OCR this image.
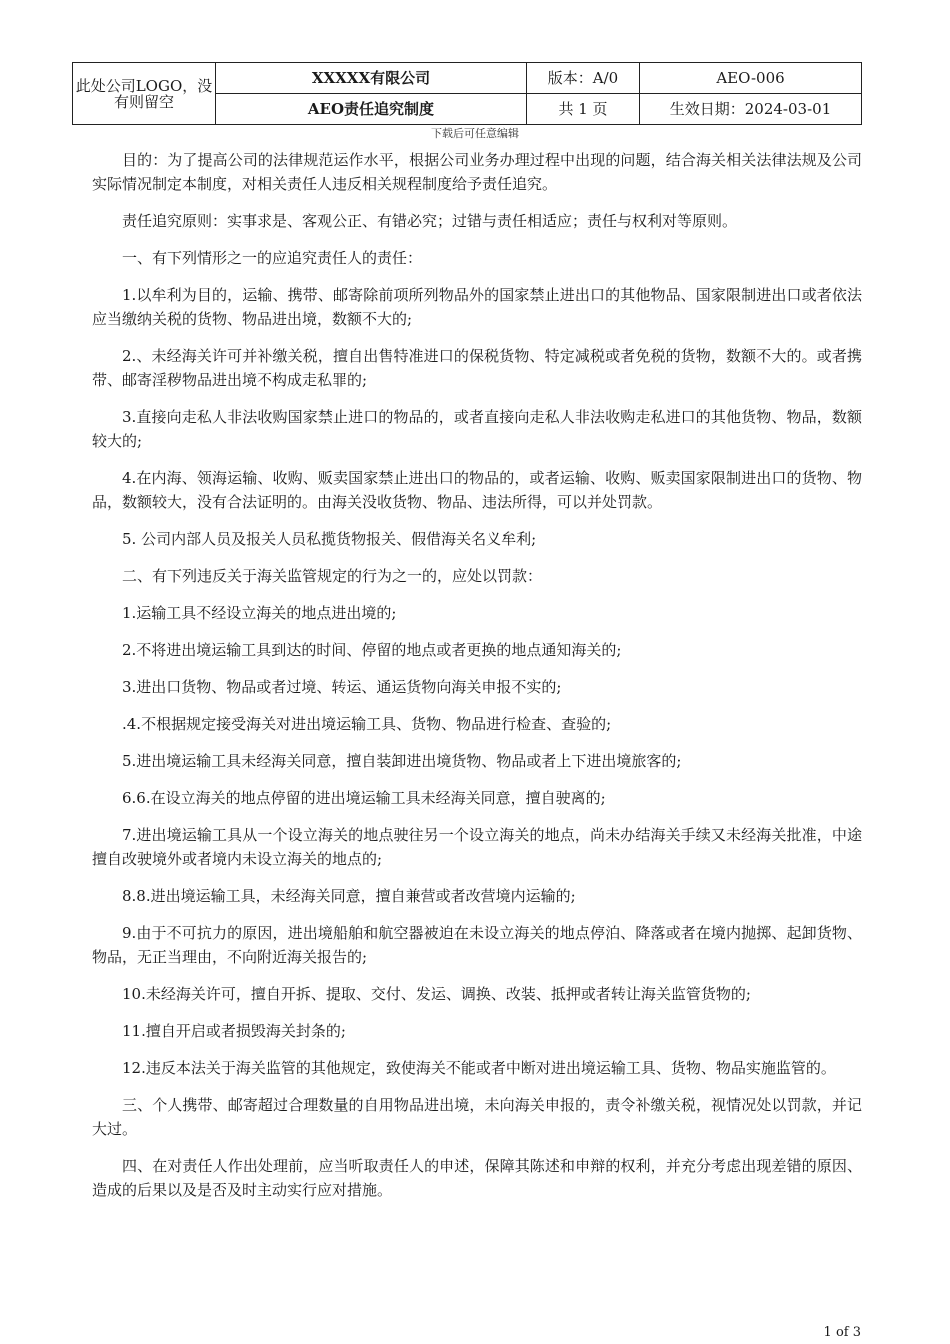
此处公司LOGO，没有则留空	XXXXX有限公司	版本：A/0	AEO-006
	AEO责任追究制度	共 1 页	生效日期：2024-03-01
下载后可任意编辑

目的：为了提高公司的法律规范运作水平，根据公司业务办理过程中出现的问题，结合海关相关法律法规及公司实际情况制定本制度，对相关责任人违反相关规程制度给予责任追究。

责任追究原则：实事求是、客观公正、有错必究；过错与责任相适应；责任与权利对等原则。

一、有下列情形之一的应追究责任人的责任：

1.以牟利为目的，运输、携带、邮寄除前项所列物品外的国家禁止进出口的其他物品、国家限制进出口或者依法应当缴纳关税的货物、物品进出境，数额不大的;

2.、未经海关许可并补缴关税，擅自出售特准进口的保税货物、特定减税或者免税的货物，数额不大的。或者携带、邮寄淫秽物品进出境不构成走私罪的;

3.直接向走私人非法收购国家禁止进口的物品的，或者直接向走私人非法收购走私进口的其他货物、物品，数额较大的;

4.在内海、领海运输、收购、贩卖国家禁止进出口的物品的，或者运输、收购、贩卖国家限制进出口的货物、物品，数额较大，没有合法证明的。由海关没收货物、物品、违法所得，可以并处罚款。

5. 公司内部人员及报关人员私揽货物报关、假借海关名义牟利;

二、有下列违反关于海关监管规定的行为之一的，应处以罚款：

1.运输工具不经设立海关的地点进出境的;

2.不将进出境运输工具到达的时间、停留的地点或者更换的地点通知海关的;

3.进出口货物、物品或者过境、转运、通运货物向海关申报不实的;

.4.不根据规定接受海关对进出境运输工具、货物、物品进行检查、查验的;

5.进出境运输工具未经海关同意，擅自装卸进出境货物、物品或者上下进出境旅客的;

6.6.在设立海关的地点停留的进出境运输工具未经海关同意，擅自驶离的;

7.进出境运输工具从一个设立海关的地点驶往另一个设立海关的地点，尚未办结海关手续又未经海关批准，中途擅自改驶境外或者境内未设立海关的地点的;

8.8.进出境运输工具，未经海关同意，擅自兼营或者改营境内运输的;

9.由于不可抗力的原因，进出境船舶和航空器被迫在未设立海关的地点停泊、降落或者在境内抛掷、起卸货物、物品，无正当理由，不向附近海关报告的;

10.未经海关许可，擅自开拆、提取、交付、发运、调换、改装、抵押或者转让海关监管货物的;

11.擅自开启或者损毁海关封条的;

12.违反本法关于海关监管的其他规定，致使海关不能或者中断对进出境运输工具、货物、物品实施监管的。

三、个人携带、邮寄超过合理数量的自用物品进出境，未向海关申报的，责令补缴关税，视情况处以罚款，并记大过。

四、在对责任人作出处理前，应当听取责任人的申述，保障其陈述和申辩的权利，并充分考虑出现差错的原因、造成的后果以及是否及时主动实行应对措施。

1 of 3
